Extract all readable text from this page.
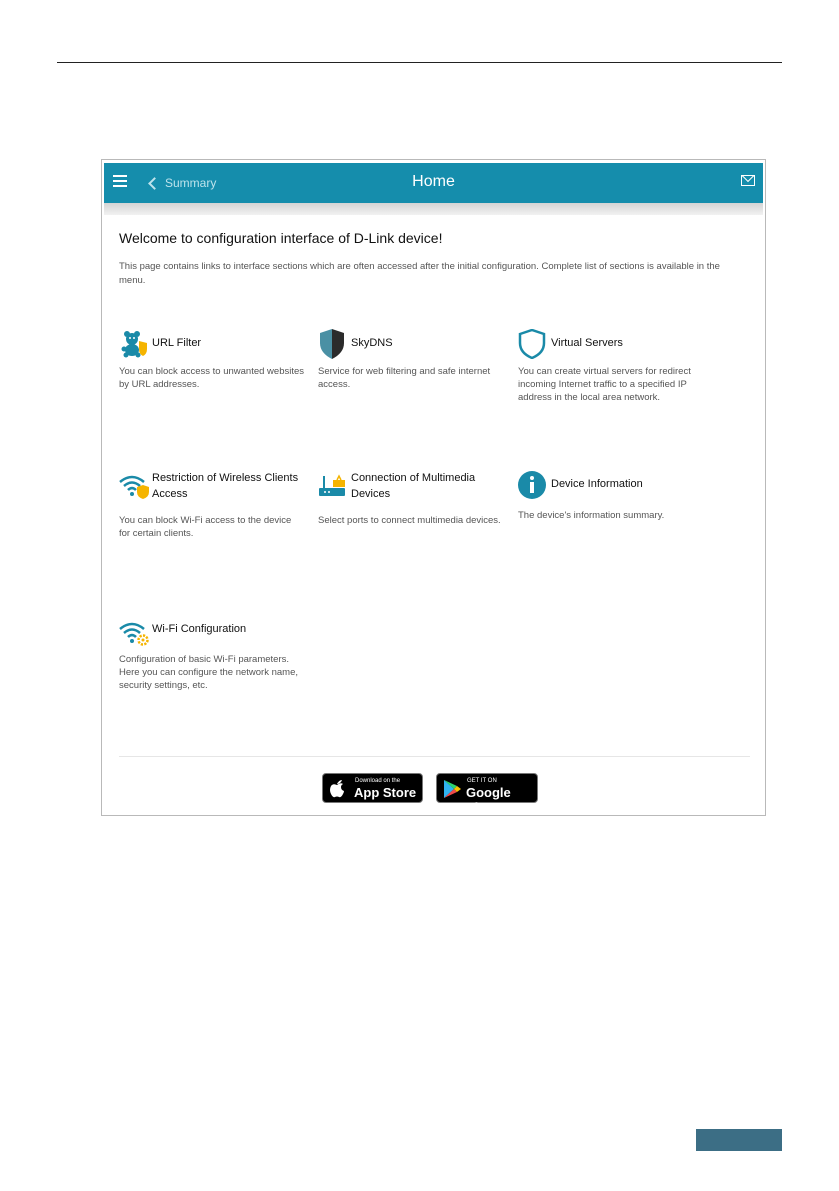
Summary	Home
Welcome to configuration interface of D-Link device!
This page contains links to interface sections which are often accessed after the initial configuration. Complete list of sections is available in the menu.
URL Filter
You can block access to unwanted websites by URL addresses.
SkyDNS
Service for web filtering and safe internet access.
Virtual Servers
You can create virtual servers for redirect incoming Internet traffic to a specified IP address in the local area network.
Restriction of Wireless Clients Access
You can block Wi-Fi access to the device for certain clients.
Connection of Multimedia Devices
Select ports to connect multimedia devices.
Device Information
The device's information summary.
Wi-Fi Configuration
Configuration of basic Wi-Fi parameters. Here you can configure the network name, security settings, etc.
Download on the
App Store
GET IT ON
Google Play
